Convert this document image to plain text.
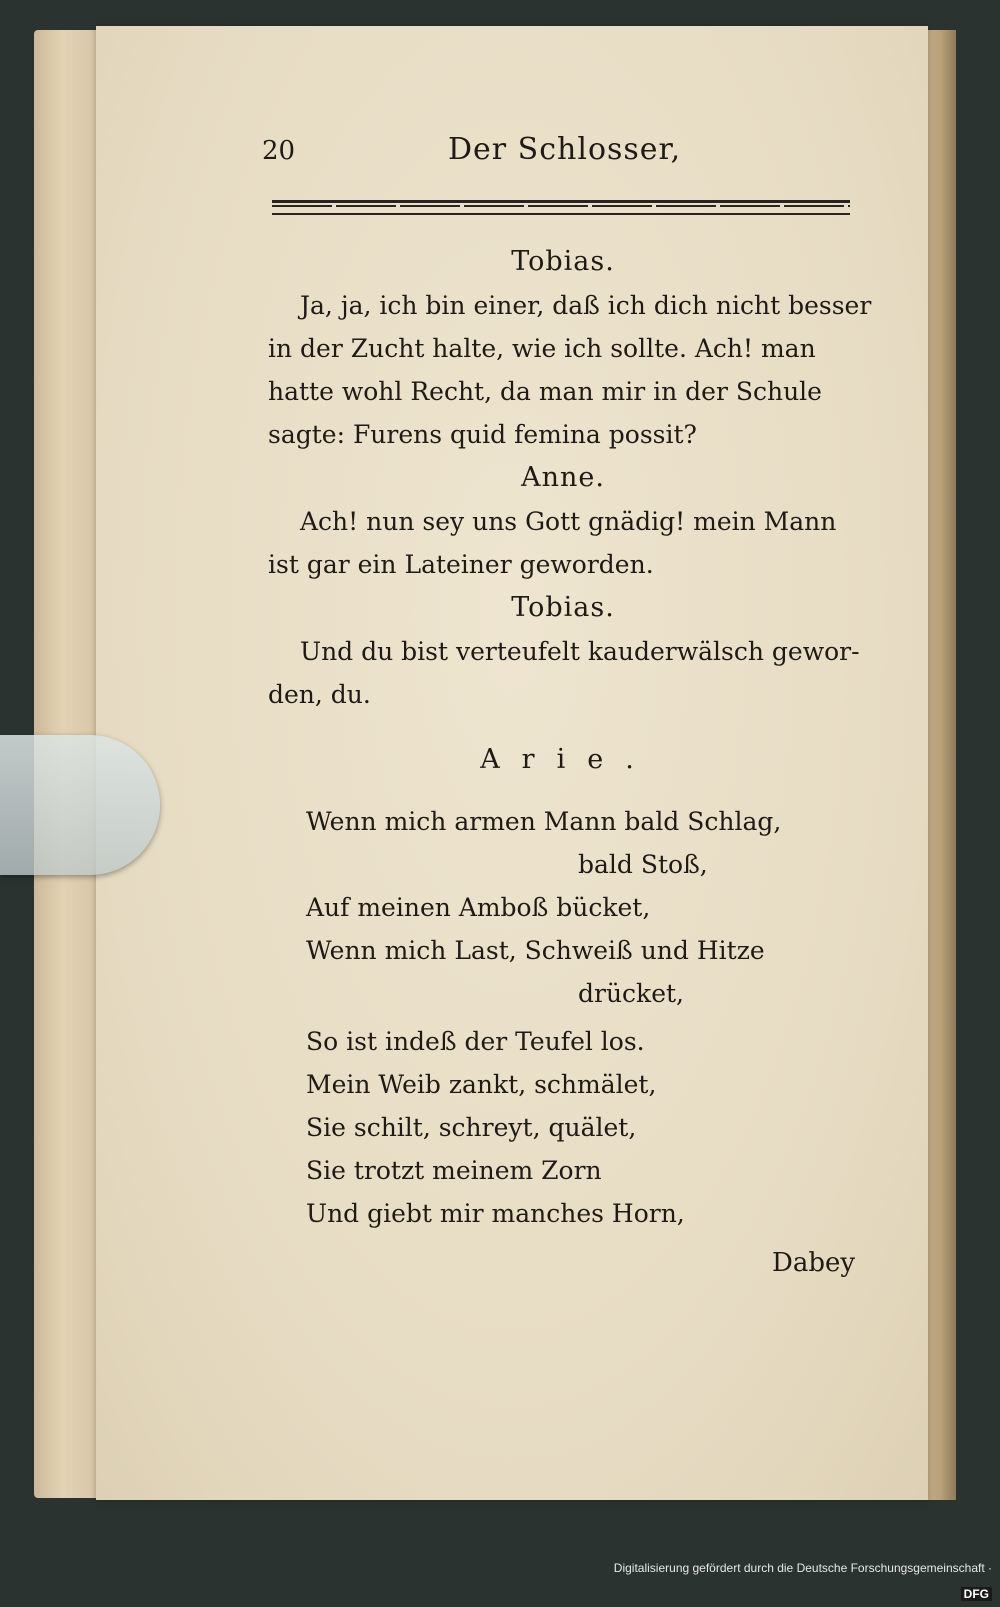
20	Der Schlosser,
Tobias.
Ja, ja, ich bin einer, daß ich dich nicht besser
in der Zucht halte, wie ich sollte. Ach! man
hatte wohl Recht, da man mir in der Schule
sagte: Furens quid femina possit?
Anne.
Ach! nun sey uns Gott gnädig! mein Mann
ist gar ein Lateiner geworden.
Tobias.
Und du bist verteufelt kauderwälsch gewor-
den, du.
Arie.
Wenn mich armen Mann bald Schlag,
bald Stoß,
Auf meinen Amboß bücket,
Wenn mich Last, Schweiß und Hitze
drücket,
So ist indeß der Teufel los.
Mein Weib zankt, schmälet,
Sie schilt, schreyt, quälet,
Sie trotzt meinem Zorn
Und giebt mir manches Horn,
Dabey
Digitalisierung gefördert durch die Deutsche Forschungsgemeinschaft · DFG
